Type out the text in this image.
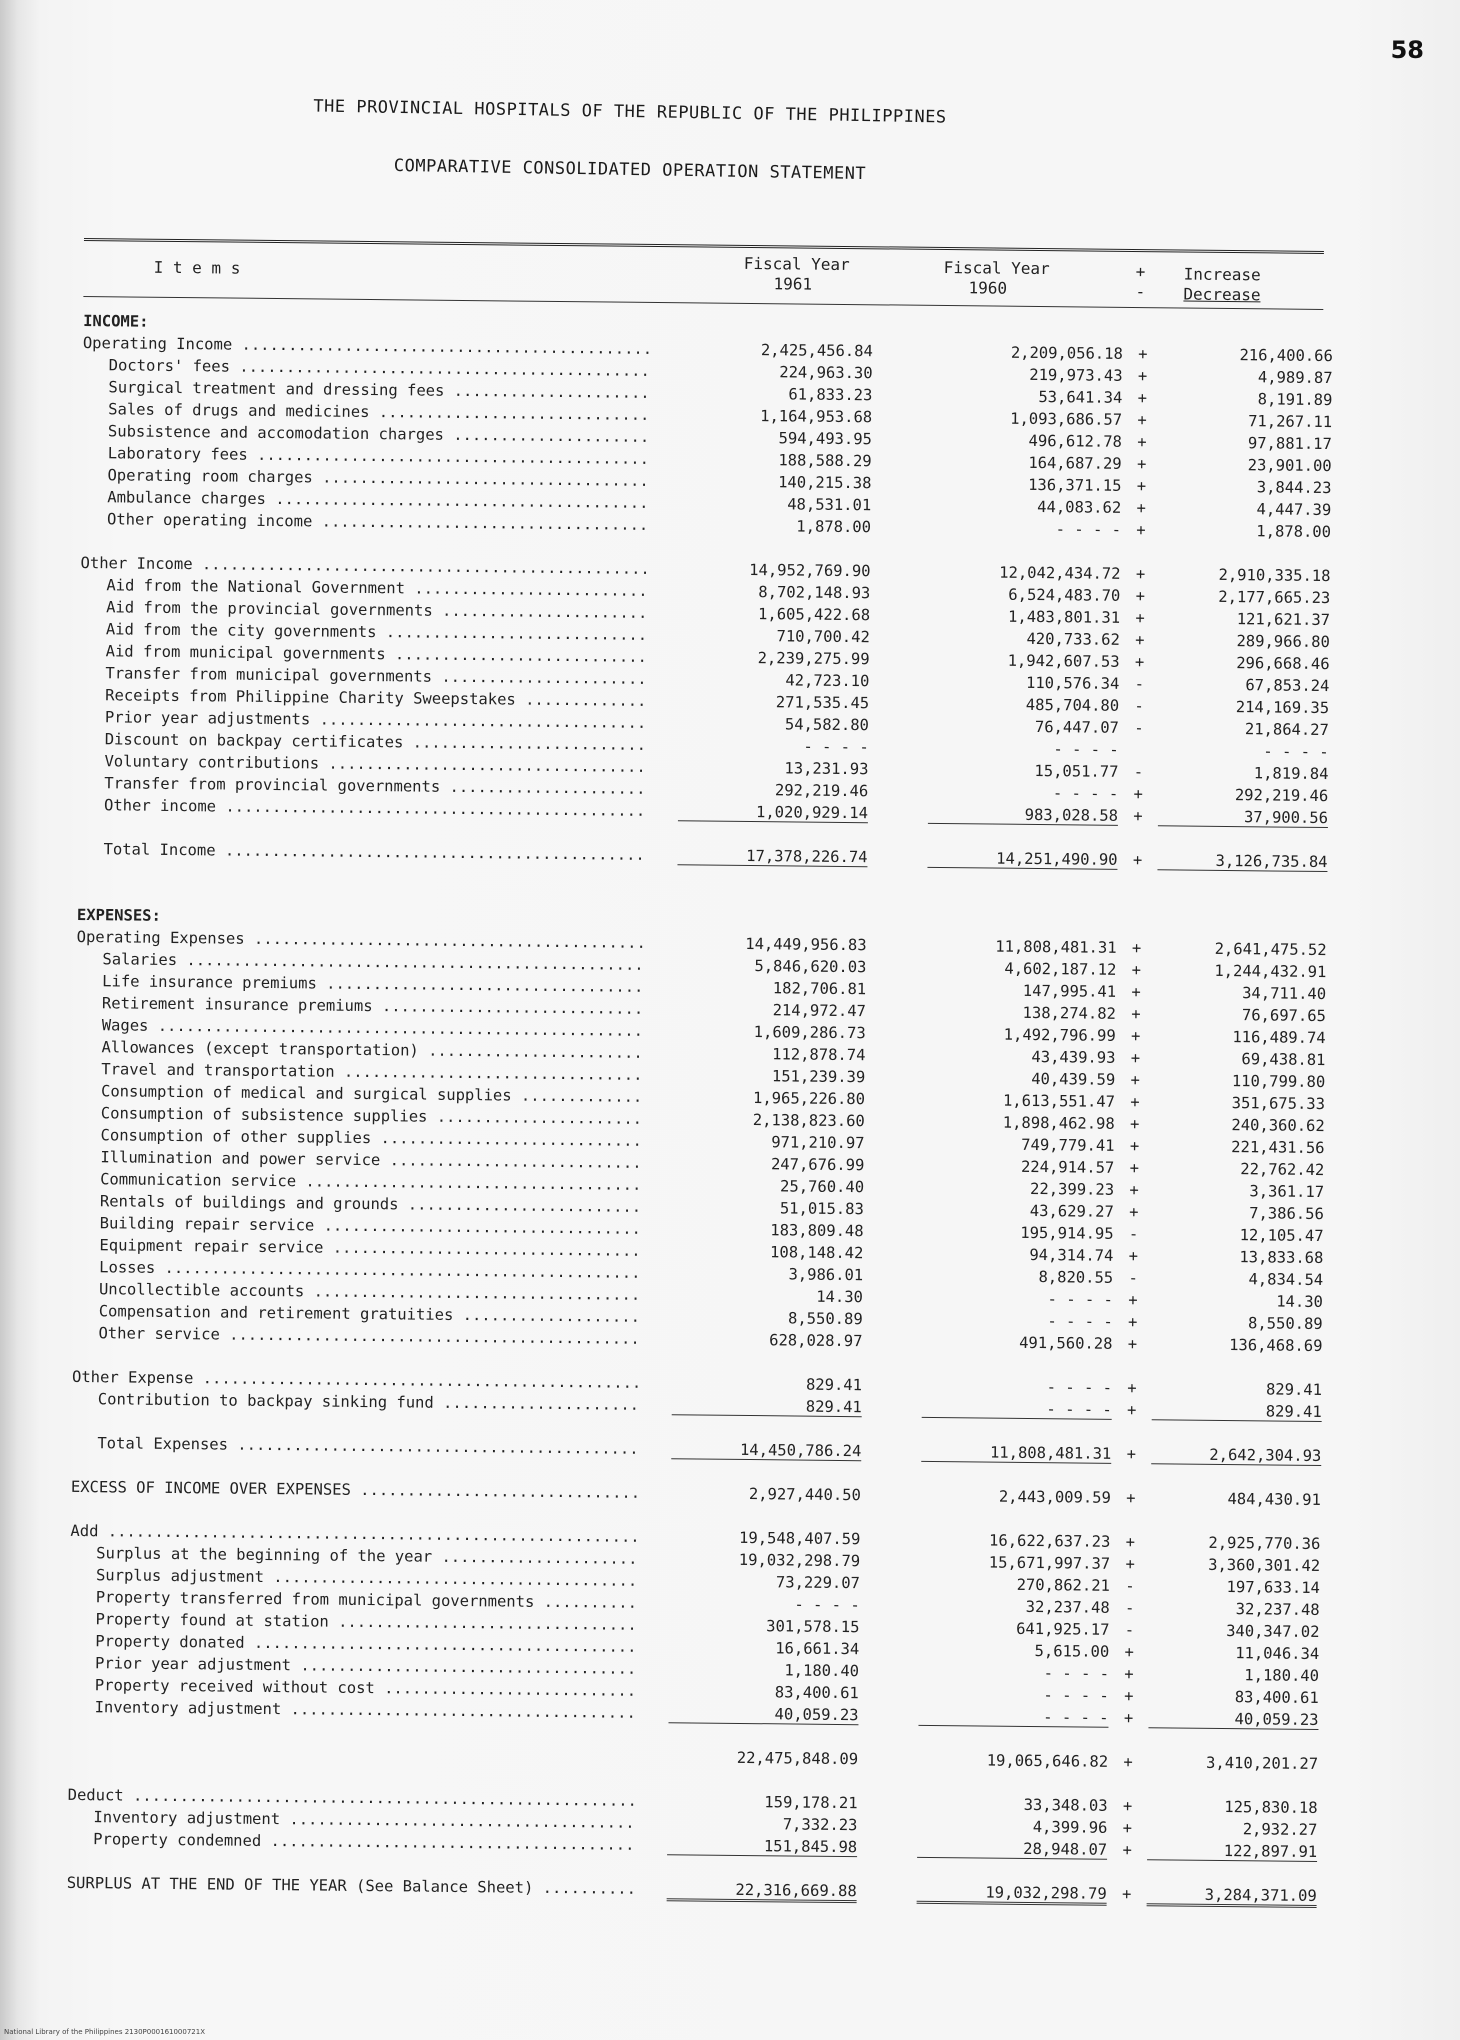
58
THE PROVINCIAL HOSPITALS OF THE REPUBLIC OF THE PHILIPPINES
COMPARATIVE CONSOLIDATED OPERATION STATEMENT
I t e m s	Fiscal Year
1961
Fiscal Year
1960
+
-
Increase
Decrease
INCOME:
Operating Income .....	2,425,456.84	2,209,056.18 +	216,400.66
Doctors' fees .....	224,963.30	219,973.43 +	4,989.87
Surgical treatment and dressing fees .....	61,833.23	53,641.34 +	8,191.89
Sales of drugs and medicines .....	1,164,953.68	1,093,686.57 +	71,267.11
Subsistence and accomodation charges .....	594,493.95	496,612.78 +	97,881.17
Laboratory fees .....	188,588.29	164,687.29 +	23,901.00
Operating room charges .....	140,215.38	136,371.15 +	3,844.23
Ambulance charges .....	48,531.01	44,083.62 +	4,447.39
Other operating income .....	1,878.00	- - - - +	1,878.00
Other Income .....	14,952,769.90	12,042,434.72 +	2,910,335.18
Aid from the National Government .....	8,702,148.93	6,524,483.70 +	2,177,665.23
Aid from the provincial governments .....	1,605,422.68	1,483,801.31 +	121,621.37
Aid from the city governments .....	710,700.42	420,733.62 +	289,966.80
Aid from municipal governments .....	2,239,275.99	1,942,607.53 +	296,668.46
Transfer from municipal governments .....	42,723.10	110,576.34 -	67,853.24
Receipts from Philippine Charity Sweepstakes .....	271,535.45	485,704.80 -	214,169.35
Prior year adjustments .....	54,582.80	76,447.07 -	21,864.27
Discount on backpay certificates .....	- - - -	- - - -	- - - -
Voluntary contributions .....	13,231.93	15,051.77 -	1,819.84
Transfer from provincial governments .....	292,219.46	- - - - +	292,219.46
Other income .....	1,020,929.14	983,028.58 +	37,900.56
Total Income .....	17,378,226.74	14,251,490.90 +	3,126,735.84
EXPENSES:
Operating Expenses .....	14,449,956.83	11,808,481.31 +	2,641,475.52
Salaries .....	5,846,620.03	4,602,187.12 +	1,244,432.91
Life insurance premiums .....	182,706.81	147,995.41 +	34,711.40
Retirement insurance premiums .....	214,972.47	138,274.82 +	76,697.65
Wages .....	1,609,286.73	1,492,796.99 +	116,489.74
Allowances (except transportation) .....	112,878.74	43,439.93 +	69,438.81
Travel and transportation .....	151,239.39	40,439.59 +	110,799.80
Consumption of medical and surgical supplies .....	1,965,226.80	1,613,551.47 +	351,675.33
Consumption of subsistence supplies .....	2,138,823.60	1,898,462.98 +	240,360.62
Consumption of other supplies .....	971,210.97	749,779.41 +	221,431.56
Illumination and power service .....	247,676.99	224,914.57 +	22,762.42
Communication service .....	25,760.40	22,399.23 +	3,361.17
Rentals of buildings and grounds .....	51,015.83	43,629.27 +	7,386.56
Building repair service .....	183,809.48	195,914.95 -	12,105.47
Equipment repair service .....	108,148.42	94,314.74 +	13,833.68
Losses .....	3,986.01	8,820.55 -	4,834.54
Uncollectible accounts .....	14.30	- - - - +	14.30
Compensation and retirement gratuities .....	8,550.89	- - - - +	8,550.89
Other service .....	628,028.97	491,560.28 +	136,468.69
Other Expense .....	829.41	- - - - +	829.41
Contribution to backpay sinking fund .....	829.41	- - - - +	829.41
Total Expenses .....	14,450,786.24	11,808,481.31 +	2,642,304.93
EXCESS OF INCOME OVER EXPENSES .....	2,927,440.50	2,443,009.59 +	484,430.91
Add .....	19,548,407.59	16,622,637.23 +	2,925,770.36
Surplus at the beginning of the year .....	19,032,298.79	15,671,997.37 +	3,360,301.42
Surplus adjustment .....	73,229.07	270,862.21 -	197,633.14
Property transferred from municipal governments .....	- - - -	32,237.48 -	32,237.48
Property found at station .....	301,578.15	641,925.17 -	340,347.02
Property donated .....	16,661.34	5,615.00 +	11,046.34
Prior year adjustment .....	1,180.40	- - - - +	1,180.40
Property received without cost .....	83,400.61	- - - - +	83,400.61
Inventory adjustment .....	40,059.23	- - - - +	40,059.23
22,475,848.09	19,065,646.82 +	3,410,201.27
Deduct .....	159,178.21	33,348.03 +	125,830.18
Inventory adjustment .....	7,332.23	4,399.96 +	2,932.27
Property condemned .....	151,845.98	28,948.07 +	122,897.91
SURPLUS AT THE END OF THE YEAR (See Balance Sheet) .....	22,316,669.88	19,032,298.79 +	3,284,371.09
National Library of the Philippines 2130P000161000721X
